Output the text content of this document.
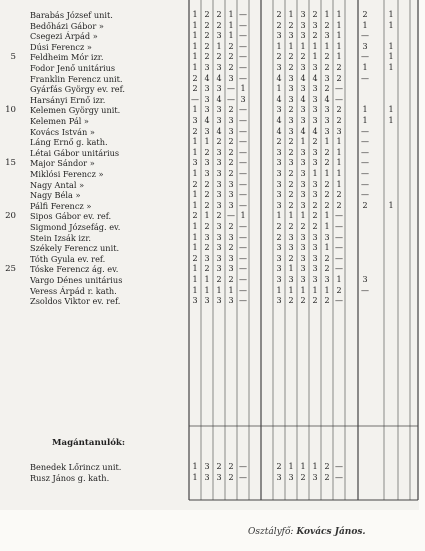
Barabás József unit.	1 2 2 1 —	2 1 3 2 1 1	2	1
Bedőházi Gábor »	1 2 2 1 —	2 2 3 3 2 1	1	1
Csegezi Árpád »	1 2 3 1 —	3 3 3 2 3 1	—
Dúsi Ferencz »	1 2 1 2 —	1 1 1 1 1 1	3	1
5 Feldheim Mór izr.	1 2 2 2 —	2 2 2 1 2 1	—	1
Fodor Jenő unitárius	1 3 3 2 —	3 2 3 3 2 2	1	1
Franklin Ferencz unit.	2 4 4 3 —	4 3 4 4 3 2	—
Gyárfás György ev. ref.	2 3 3 — 1	1 3 3 3 2 —
Harsányi Ernő izr.	— 3 4 — 3	4 3 4 3 4 —
10 Kelemen György unit.	1 3 3 2 —	3 2 3 3 3 2	1	1
Kelemen Pál »	3 4 3 3 —	4 3 3 3 3 2	1	1
Kovács István »	2 3 4 3 —	4 3 4 4 3 3	—
Láng Ernő g. kath.	1 1 2 2 —	2 2 1 2 1 1	—
Létai Gábor unitárius	1 2 3 2 —	3 2 3 3 2 1	—
15 Major Sándor »	3 3 3 2 —	3 3 3 3 2 1	—
Miklósi Ferencz »	1 3 3 2 —	3 2 3 1 1 1	—
Nagy Antal »	2 2 3 3 —	3 2 3 3 2 1	—
Nagy Béla »	1 2 3 3 —	3 2 3 3 2 2	—
Pálfi Ferencz »	1 2 3 3 —	3 2 3 2 2 2	2	1
20 Sipos Gábor ev. ref.	2 1 2 — 1	1 1 1 2 1 —
Sigmond Józsefág. ev.	1 2 3 2 —	2 2 2 2 1 —
Stein Izsák izr.	1 3 3 3 —	2 3 3 3 3 —
Székely Ferencz unit.	1 2 3 2 —	3 3 3 3 1 —
Tóth Gyula ev. ref.	2 3 3 3 —	3 2 3 3 2 —
25 Tóske Ferencz ág. ev.	1 2 3 3 —	3 1 3 3 2 —
Vargo Dénes unitárius	1 1 2 2 —	3 3 3 3 3 1	3
Veress Árpád r. kath.	1 1 1 1 —	1 1 1 1 1 2	—
Zsoldos Viktor ev. ref.	3 3 3 3 —	3 2 2 2 2 —
Magántanulók:
Benedek Lőrincz unit.	1 3 2 2 —	2 1 1 1 2 —
Rusz János g. kath.	1 3 3 2 —	3 3 2 3 2 —
Osztályfő: Kovács János.
